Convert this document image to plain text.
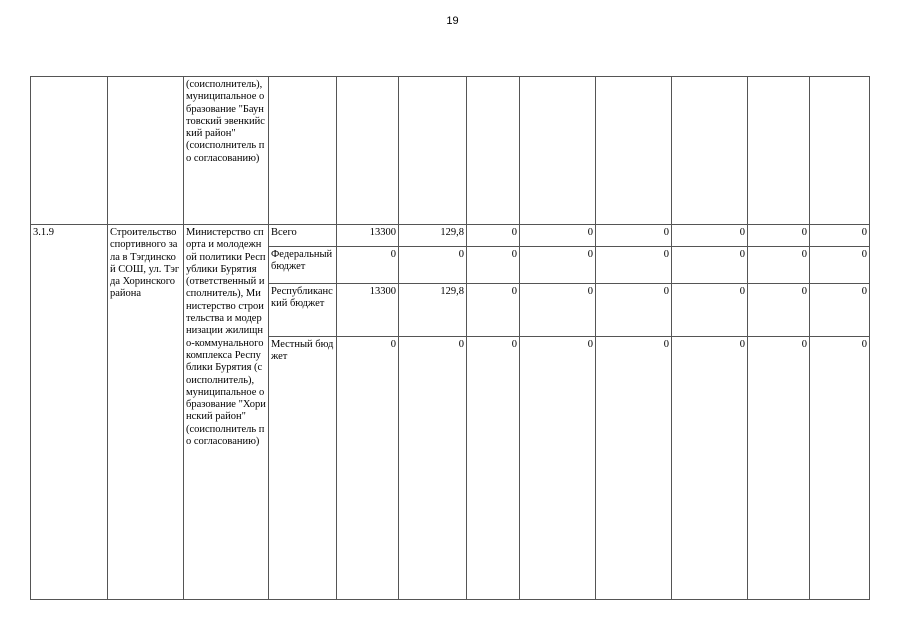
19
		(соисполнитель),
муниципальное образование "Баунтовский эвенкийский район"
(соисполнитель по согласованию)									
3.1.9	Строительство спортивного зала в Тэгдинской СОШ, ул. Тэгда Хоринского района	Министерство спорта и молодежной политики Республики Бурятия (ответственный исполнитель), Министерство строительства и модернизации жилищно-коммунального комплекса Республики Бурятия (соисполнитель),
муниципальное образование "Хоринский район"
(соисполнитель по согласованию)	Всего	13300	129,8	0	0	0	0	0	0
			Федеральный бюджет	0	0	0	0	0	0	0	0
			Республиканский бюджет	13300	129,8	0	0	0	0	0	0
			Местный бюджет	0	0	0	0	0	0	0	0
